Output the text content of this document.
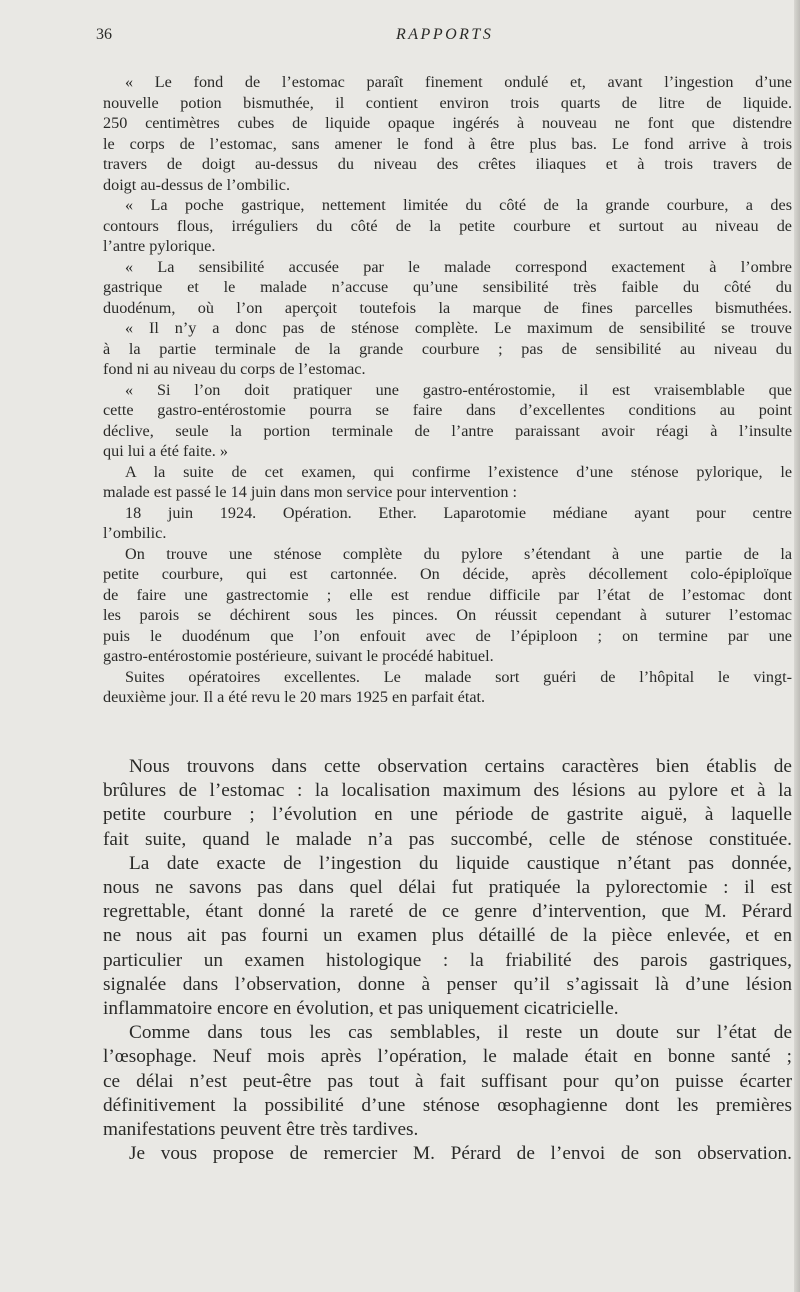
36	RAPPORTS
« Le fond de l’estomac paraît finement ondulé et, avant l’ingestion d’une
nouvelle potion bismuthée, il contient environ trois quarts de litre de liquide.
250 centimètres cubes de liquide opaque ingérés à nouveau ne font que distendre
le corps de l’estomac, sans amener le fond à être plus bas. Le fond arrive à trois
travers de doigt au-dessus du niveau des crêtes iliaques et à trois travers de
doigt au-dessus de l’ombilic.
« La poche gastrique, nettement limitée du côté de la grande courbure, a des
contours flous, irréguliers du côté de la petite courbure et surtout au niveau de
l’antre pylorique.
« La sensibilité accusée par le malade correspond exactement à l’ombre
gastrique et le malade n’accuse qu’une sensibilité très faible du côté du
duodénum, où l’on aperçoit toutefois la marque de fines parcelles bismuthées.
« Il n’y a donc pas de sténose complète. Le maximum de sensibilité se trouve
à la partie terminale de la grande courbure ; pas de sensibilité au niveau du
fond ni au niveau du corps de l’estomac.
« Si l’on doit pratiquer une gastro-entérostomie, il est vraisemblable que
cette gastro-entérostomie pourra se faire dans d’excellentes conditions au point
déclive, seule la portion terminale de l’antre paraissant avoir réagi à l’insulte
qui lui a été faite. »
A la suite de cet examen, qui confirme l’existence d’une sténose pylorique, le
malade est passé le 14 juin dans mon service pour intervention :
18 juin 1924. Opération. Ether. Laparotomie médiane ayant pour centre
l’ombilic.
On trouve une sténose complète du pylore s’étendant à une partie de la
petite courbure, qui est cartonnée. On décide, après décollement colo-épiploïque
de faire une gastrectomie ; elle est rendue difficile par l’état de l’estomac dont
les parois se déchirent sous les pinces. On réussit cependant à suturer l’estomac
puis le duodénum que l’on enfouit avec de l’épiploon ; on termine par une
gastro-entérostomie postérieure, suivant le procédé habituel.
Suites opératoires excellentes. Le malade sort guéri de l’hôpital le vingt-
deuxième jour. Il a été revu le 20 mars 1925 en parfait état.
Nous trouvons dans cette observation certains caractères bien établis de
brûlures de l’estomac : la localisation maximum des lésions au pylore et à la
petite courbure ; l’évolution en une période de gastrite aiguë, à laquelle
fait suite, quand le malade n’a pas succombé, celle de sténose constituée.
La date exacte de l’ingestion du liquide caustique n’étant pas donnée,
nous ne savons pas dans quel délai fut pratiquée la pylorectomie : il est
regrettable, étant donné la rareté de ce genre d’intervention, que M. Pérard
ne nous ait pas fourni un examen plus détaillé de la pièce enlevée, et en
particulier un examen histologique : la friabilité des parois gastriques,
signalée dans l’observation, donne à penser qu’il s’agissait là d’une lésion
inflammatoire encore en évolution, et pas uniquement cicatricielle.
Comme dans tous les cas semblables, il reste un doute sur l’état de
l’œsophage. Neuf mois après l’opération, le malade était en bonne santé ;
ce délai n’est peut-être pas tout à fait suffisant pour qu’on puisse écarter
définitivement la possibilité d’une sténose œsophagienne dont les premières
manifestations peuvent être très tardives.
Je vous propose de remercier M. Pérard de l’envoi de son observation.
